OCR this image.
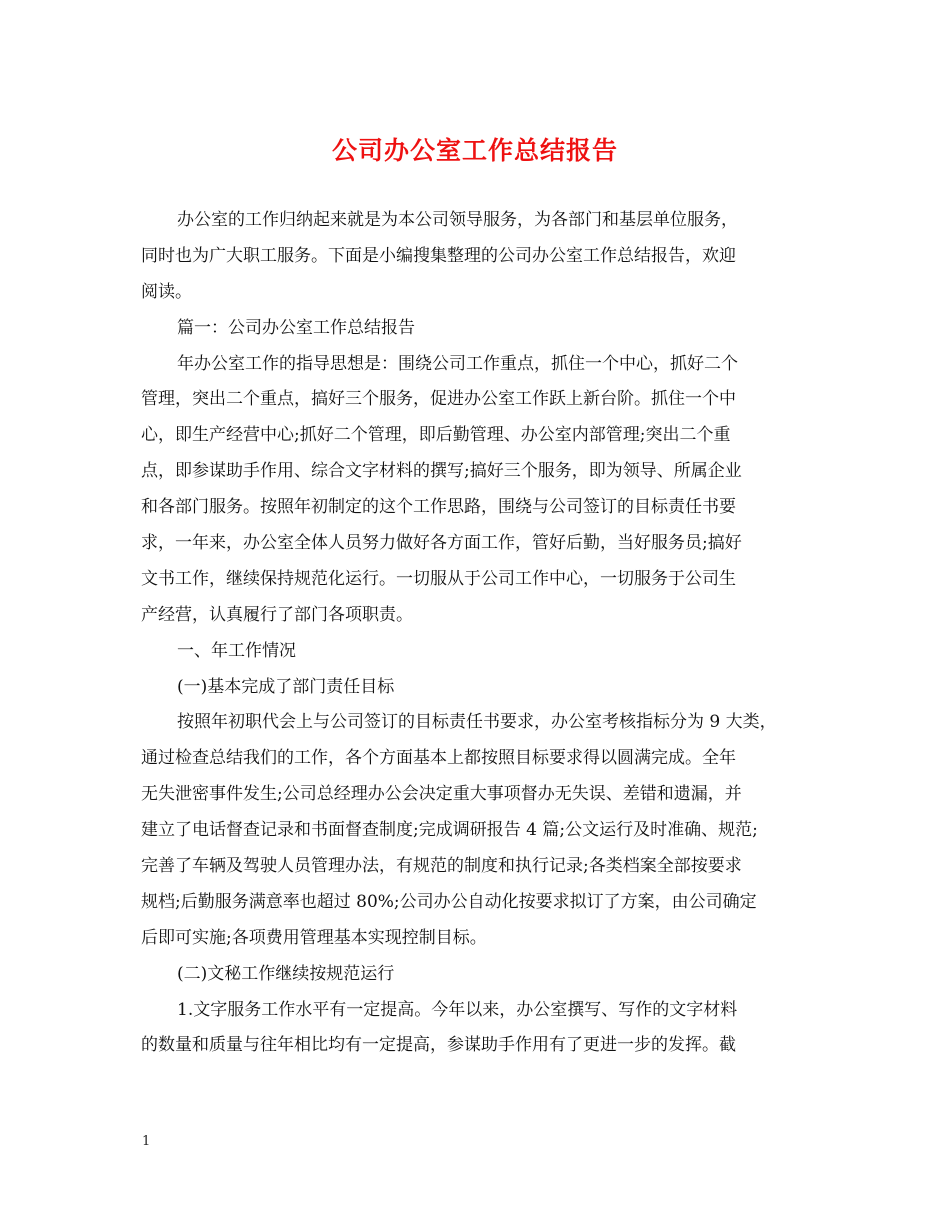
公司办公室工作总结报告
办公室的工作归纳起来就是为本公司领导服务，为各部门和基层单位服务，
同时也为广大职工服务。下面是小编搜集整理的公司办公室工作总结报告，欢迎
阅读。
篇一：公司办公室工作总结报告
年办公室工作的指导思想是：围绕公司工作重点，抓住一个中心，抓好二个
管理，突出二个重点，搞好三个服务，促进办公室工作跃上新台阶。抓住一个中
心，即生产经营中心;抓好二个管理，即后勤管理、办公室内部管理;突出二个重
点，即参谋助手作用、综合文字材料的撰写;搞好三个服务，即为领导、所属企业
和各部门服务。按照年初制定的这个工作思路，围绕与公司签订的目标责任书要
求，一年来，办公室全体人员努力做好各方面工作，管好后勤，当好服务员;搞好
文书工作，继续保持规范化运行。一切服从于公司工作中心，一切服务于公司生
产经营，认真履行了部门各项职责。
一、年工作情况
(一)基本完成了部门责任目标
按照年初职代会上与公司签订的目标责任书要求，办公室考核指标分为 9 大类，
通过检查总结我们的工作，各个方面基本上都按照目标要求得以圆满完成。全年
无失泄密事件发生;公司总经理办公会决定重大事项督办无失误、差错和遗漏，并
建立了电话督查记录和书面督查制度;完成调研报告 4 篇;公文运行及时准确、规范;
完善了车辆及驾驶人员管理办法，有规范的制度和执行记录;各类档案全部按要求
规档;后勤服务满意率也超过 80%;公司办公自动化按要求拟订了方案，由公司确定
后即可实施;各项费用管理基本实现控制目标。
(二)文秘工作继续按规范运行
1.文字服务工作水平有一定提高。今年以来，办公室撰写、写作的文字材料
的数量和质量与往年相比均有一定提高，参谋助手作用有了更进一步的发挥。截
1
